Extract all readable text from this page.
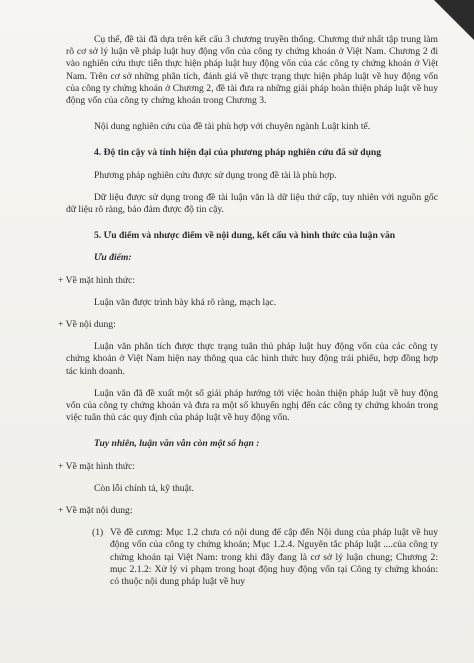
Cụ thể, đề tài đã dựa trên kết cấu 3 chương truyền thống. Chương thứ nhất tập trung làm rõ cơ sở lý luận về pháp luật huy động vốn của công ty chứng khoán ở Việt Nam. Chương 2 đi vào nghiên cứu thực tiễn thực hiện pháp luật huy động vốn của các công ty chứng khoán ở Việt Nam. Trên cơ sở những phân tích, đánh giá về thực trạng thực hiện pháp luật về huy động vốn của công ty chứng khoán ở Chương 2, đề tài đưa ra những giải pháp hoàn thiện pháp luật về huy động vốn của công ty chứng khoán trong Chương 3.

Nội dung nghiên cứu của đề tài phù hợp với chuyên ngành Luật kinh tế.

4. Độ tin cậy và tính hiện đại của phương pháp nghiên cứu đã sử dụng

Phương pháp nghiên cứu được sử dụng trong đề tài là phù hợp.

Dữ liệu được sử dụng trong đề tài luận văn là dữ liệu thứ cấp, tuy nhiên với nguồn gốc dữ liệu rõ ràng, bảo đảm được độ tin cậy.

5. Ưu điểm và nhược điểm về nội dung, kết cấu và hình thức của luận văn

Ưu điểm:

+ Về mặt hình thức:

Luận văn được trình bày khá rõ ràng, mạch lạc.

+ Về nội dung:

Luận văn phân tích được thực trạng tuân thủ pháp luật huy động vốn của các công ty chứng khoán ở Việt Nam hiện nay thông qua các hình thức huy động trái phiếu, hợp đồng hợp tác kinh doanh.

Luận văn đã đề xuất một số giải pháp hướng tới việc hoàn thiện pháp luật về huy động vốn của công ty chứng khoán và đưa ra một số khuyến nghị đến các công ty chứng khoán trong việc tuân thủ các quy định của pháp luật về huy động vốn.

Tuy nhiên, luận văn vẫn còn một số hạn :

+ Về mặt hình thức:

Còn lỗi chính tả, kỹ thuật.

+ Về mặt nội dung:

(1) Về đề cương: Mục 1.2 chưa có nội dung để cập đến Nội dung của pháp luật về huy động vốn của công ty chứng khoán; Mục 1.2.4. Nguyên tắc pháp luật ....của công ty chứng khoán tại Việt Nam: trong khi đây đang là cơ sở lý luận chung; Chương 2: mục 2.1.2: Xử lý vi phạm trong hoạt động huy động vốn tại Công ty chứng khoán: có thuộc nội dung pháp luật về huy
